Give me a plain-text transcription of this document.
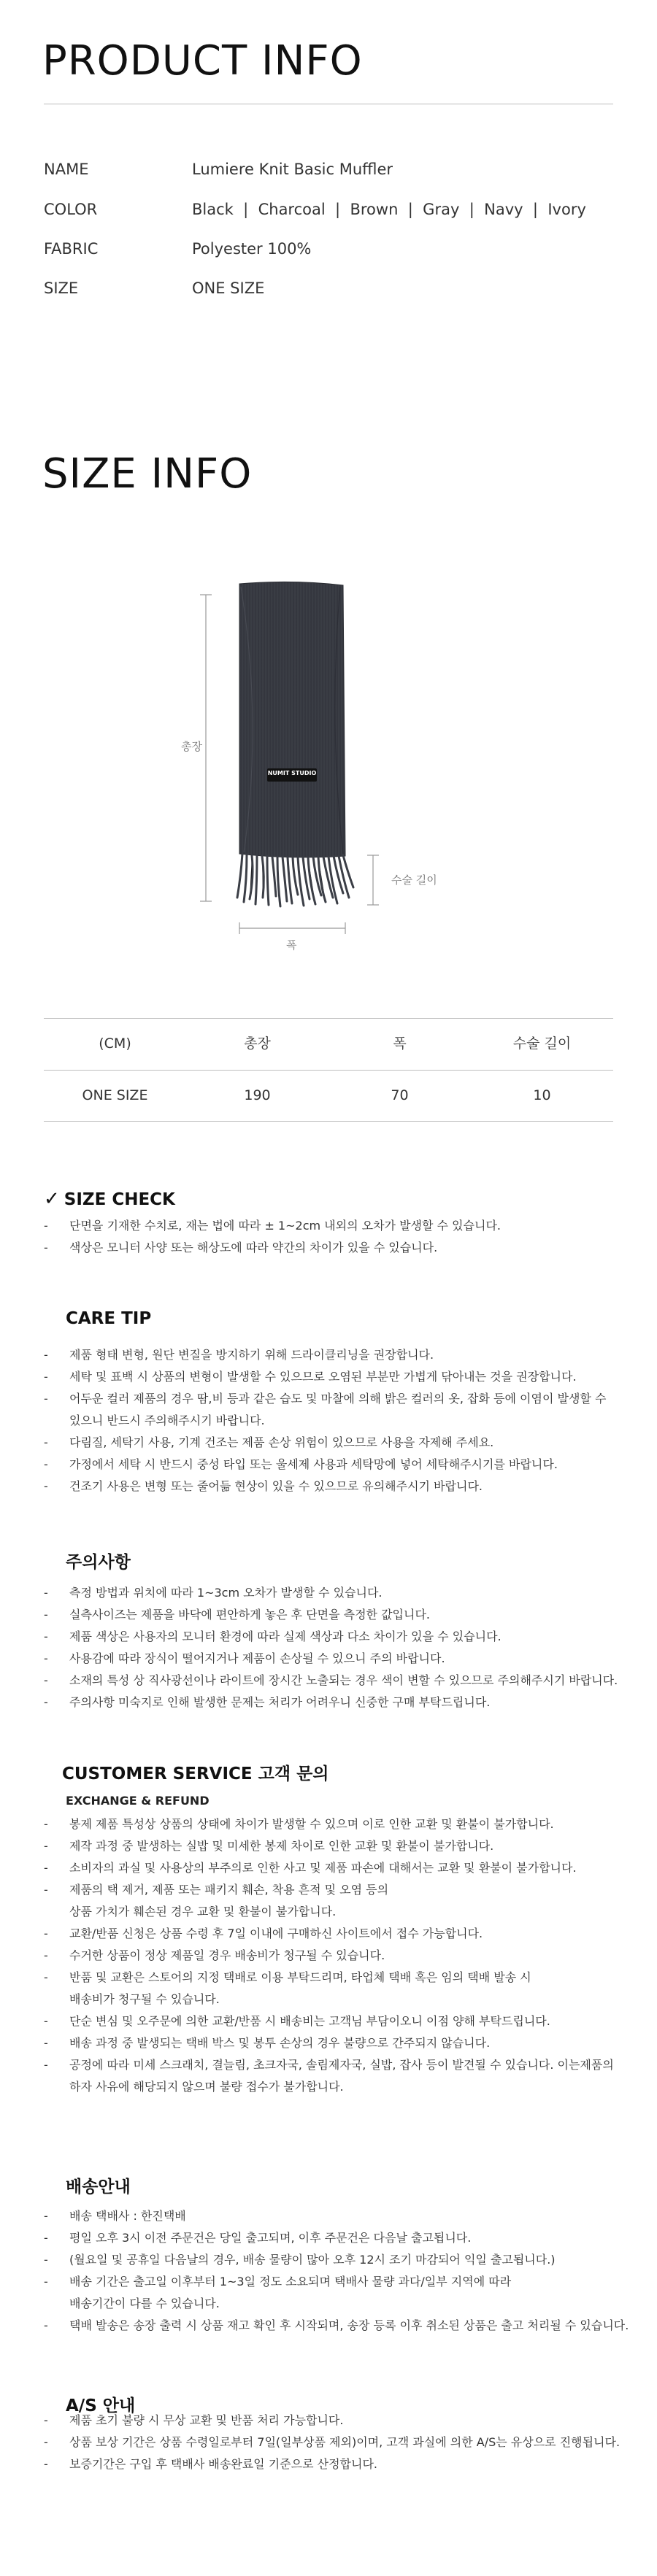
PRODUCT INFO
NAME	Lumiere Knit Basic Muffler
COLOR	Black  |  Charcoal  |  Brown  |  Gray  |  Navy  |  Ivory
FABRIC	Polyester 100%
SIZE	ONE SIZE
SIZE INFO
NUMIT STUDIO
총장
폭
수술 길이
(CM)	총장	폭	수술 길이
ONE SIZE	190	70	10
✓ SIZE CHECK
- 단면을 기재한 수치로, 재는 법에 따라 ± 1~2cm 내외의 오차가 발생할 수 있습니다.
- 색상은 모니터 사양 또는 해상도에 따라 약간의 차이가 있을 수 있습니다.
CARE TIP
- 제품 형태 변형, 원단 변질을 방지하기 위해 드라이클리닝을 권장합니다.
- 세탁 및 표백 시 상품의 변형이 발생할 수 있으므로 오염된 부분만 가볍게 닦아내는 것을 권장합니다.
- 어두운 컬러 제품의 경우 땀,비 등과 같은 습도 및 마찰에 의해 밝은 컬러의 옷, 잡화 등에 이염이 발생할 수
있으니 반드시 주의해주시기 바랍니다.
- 다림질, 세탁기 사용, 기계 건조는 제품 손상 위험이 있으므로 사용을 자제해 주세요.
- 가정에서 세탁 시 반드시 중성 타입 또는 울세제 사용과 세탁망에 넣어 세탁해주시기를 바랍니다.
- 건조기 사용은 변형 또는 줄어듦 현상이 있을 수 있으므로 유의해주시기 바랍니다.
주의사항
- 측정 방법과 위치에 따라 1~3cm 오차가 발생할 수 있습니다.
- 실측사이즈는 제품을 바닥에 편안하게 놓은 후 단면을 측정한 값입니다.
- 제품 색상은 사용자의 모니터 환경에 따라 실제 색상과 다소 차이가 있을 수 있습니다.
- 사용감에 따라 장식이 떨어지거나 제품이 손상될 수 있으니 주의 바랍니다.
- 소재의 특성 상 직사광선이나 라이트에 장시간 노출되는 경우 색이 변할 수 있으므로 주의해주시기 바랍니다.
- 주의사항 미숙지로 인해 발생한 문제는 처리가 어려우니 신중한 구매 부탁드립니다.
CUSTOMER SERVICE 고객 문의
EXCHANGE & REFUND
- 봉제 제품 특성상 상품의 상태에 차이가 발생할 수 있으며 이로 인한 교환 및 환불이 불가합니다.
- 제작 과정 중 발생하는 실밥 및 미세한 봉제 차이로 인한 교환 및 환불이 불가합니다.
- 소비자의 과실 및 사용상의 부주의로 인한 사고 및 제품 파손에 대해서는 교환 및 환불이 불가합니다.
- 제품의 택 제거, 제품 또는 패키지 훼손, 착용 흔적 및 오염 등의
상품 가치가 훼손된 경우 교환 및 환불이 불가합니다.
- 교환/반품 신청은 상품 수령 후 7일 이내에 구매하신 사이트에서 접수 가능합니다.
- 수거한 상품이 정상 제품일 경우 배송비가 청구될 수 있습니다.
- 반품 및 교환은 스토어의 지정 택배로 이용 부탁드리며, 타업체 택배 혹은 임의 택배 발송 시
배송비가 청구될 수 있습니다.
- 단순 변심 및 오주문에 의한 교환/반품 시 배송비는 고객님 부담이오니 이점 양해 부탁드립니다.
- 배송 과정 중 발생되는 택배 박스 및 봉투 손상의 경우 불량으로 간주되지 않습니다.
- 공정에 따라 미세 스크래치, 결늘림, 초크자국, 솔림제자국, 실밥, 잡사 등이 발견될 수 있습니다. 이는제품의
하자 사유에 해당되지 않으며 불량 접수가 불가합니다.
배송안내
- 배송 택배사 : 한진택배
- 평일 오후 3시 이전 주문건은 당일 출고되며, 이후 주문건은 다음날 출고됩니다.
- (월요일 및 공휴일 다음날의 경우, 배송 물량이 많아 오후 12시 조기 마감되어 익일 출고됩니다.)
- 배송 기간은 출고일 이후부터 1~3일 정도 소요되며 택배사 물량 과다/일부 지역에 따라
배송기간이 다를 수 있습니다.
- 택배 발송은 송장 출력 시 상품 재고 확인 후 시작되며, 송장 등록 이후 취소된 상품은 출고 처리될 수 있습니다.
A/S 안내
- 제품 초기 불량 시 무상 교환 및 반품 처리 가능합니다.
- 상품 보상 기간은 상품 수령일로부터 7일(일부상품 제외)이며, 고객 과실에 의한 A/S는 유상으로 진행됩니다.
- 보증기간은 구입 후 택배사 배송완료일 기준으로 산정합니다.
